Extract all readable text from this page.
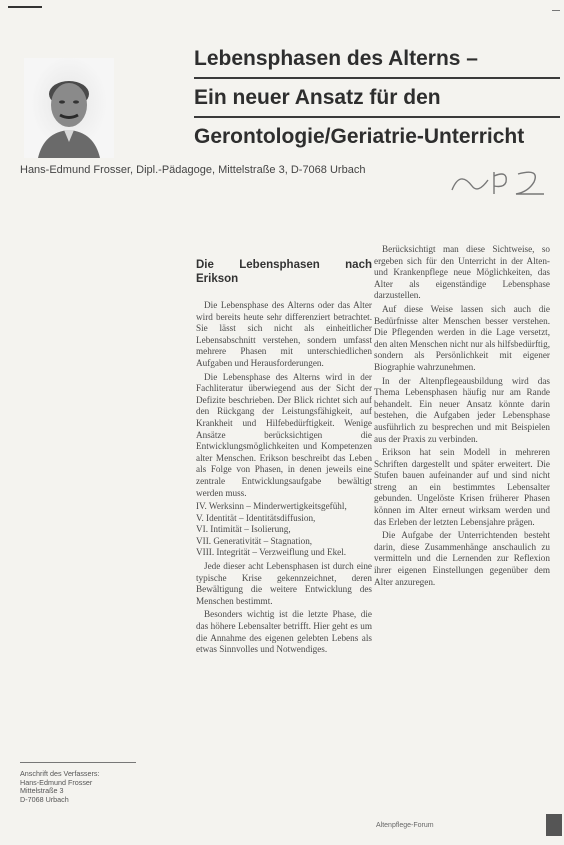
Lebensphasen des Alterns –
Ein neuer Ansatz für den
Gerontologie/Geriatrie-Unterricht
Hans-Edmund Frosser, Dipl.-Pädagoge, Mittelstraße 3, D-7068 Urbach
Die Lebensphasen nach Erikson

Die Lebensphase des Alterns oder das Alter wird bereits heute sehr differenziert betrachtet. Sie lässt sich nicht als einheitlicher Lebensabschnitt verstehen, sondern umfasst mehrere Phasen mit unterschiedlichen Aufgaben und Herausforderungen.

Die Lebensphase des Alterns wird in der Fachliteratur überwiegend aus der Sicht der Defizite beschrieben. Der Blick richtet sich auf den Rückgang der Leistungsfähigkeit, auf Krankheit und Hilfebedürftigkeit. Wenige Ansätze berücksichtigen die Entwicklungsmöglichkeiten und Kompetenzen alter Menschen. Erikson beschreibt das Leben als Folge von Phasen, in denen jeweils eine zentrale Entwicklungsaufgabe bewältigt werden muss.

IV. Werksinn – Minderwertigkeitsgefühl,
V. Identität – Identitätsdiffusion,
VI. Intimität – Isolierung,
VII. Generativität – Stagnation,
VIII. Integrität – Verzweiflung und Ekel.

Jede dieser acht Lebensphasen ist durch eine typische Krise gekennzeichnet, deren Bewältigung die weitere Entwicklung des Menschen bestimmt.

Besonders wichtig ist die letzte Phase, die das höhere Lebensalter betrifft. Hier geht es um die Annahme des eigenen gelebten Lebens als etwas Sinnvolles und Notwendiges.

Berücksichtigt man diese Sichtweise, so ergeben sich für den Unterricht in der Alten- und Krankenpflege neue Möglichkeiten, das Alter als eigenständige Lebensphase darzustellen.

Auf diese Weise lassen sich auch die Bedürfnisse alter Menschen besser verstehen. Die Pflegenden werden in die Lage versetzt, den alten Menschen nicht nur als hilfsbedürftig, sondern als Persönlichkeit mit eigener Biographie wahrzunehmen.

In der Altenpflegeausbildung wird das Thema Lebensphasen häufig nur am Rande behandelt. Ein neuer Ansatz könnte darin bestehen, die Aufgaben jeder Lebensphase ausführlich zu besprechen und mit Beispielen aus der Praxis zu verbinden.

Erikson hat sein Modell in mehreren Schriften dargestellt und später erweitert. Die Stufen bauen aufeinander auf und sind nicht streng an ein bestimmtes Lebensalter gebunden. Ungelöste Krisen früherer Phasen können im Alter erneut wirksam werden und das Erleben der letzten Lebensjahre prägen.

Die Aufgabe der Unterrichtenden besteht darin, diese Zusammenhänge anschaulich zu vermitteln und die Lernenden zur Reflexion ihrer eigenen Einstellungen gegenüber dem Alter anzuregen.

Anschrift des Verfassers:
Hans-Edmund Frosser
Mittelstraße 3
D-7068 Urbach
Altenpflege-Forum
